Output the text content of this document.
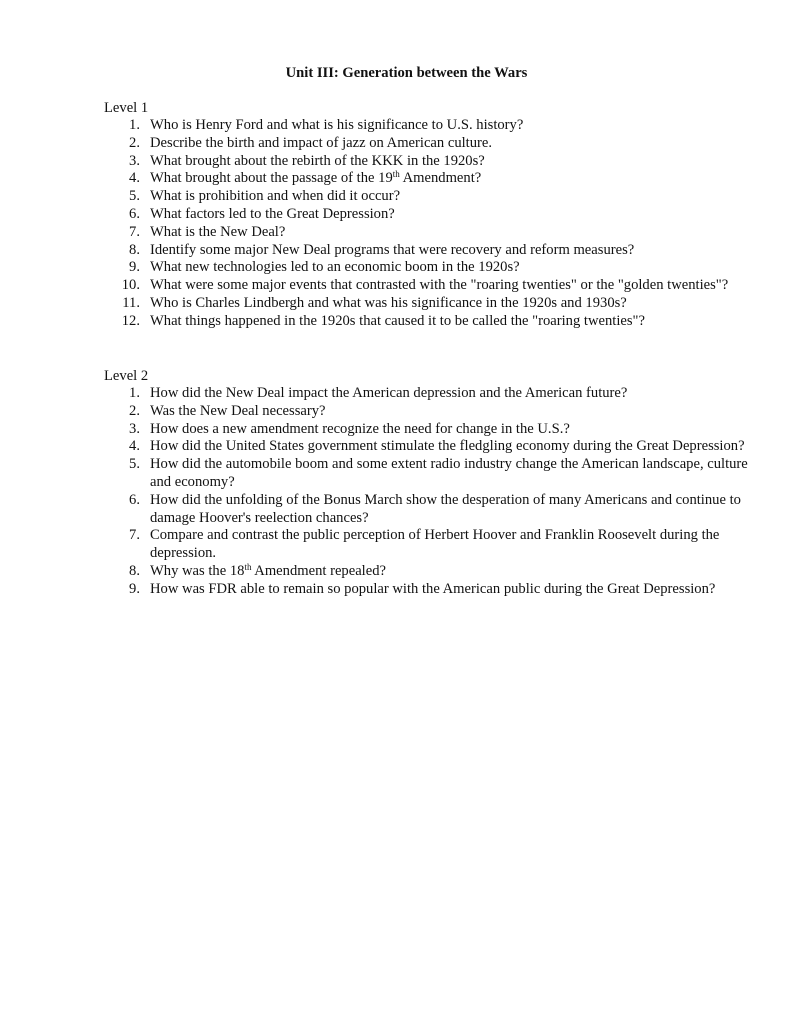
Unit III: Generation between the Wars
Level 1
1 . Who is Henry Ford and what is his significance to U.S. history?
2 . Describe the birth and impact of jazz on American culture.
3 . What brought about the rebirth of the KKK in the 1920s?
4 . What brought about the passage of the 19th Amendment?
5 . What is prohibition and when did it occur?
6 . What factors led to the Great Depression?
7 . What is the New Deal?
8 . Identify some major New Deal programs that were recovery and reform measures?
9 . What new technologies led to an economic boom in the 1920s?
10 . What were some major events that contrasted with the "roaring twenties" or the "golden twenties"?
11 . Who is Charles Lindbergh and what was his significance in the 1920s and 1930s?
12 . What things happened in the 1920s that caused it to be called the "roaring twenties"?
Level 2
1 . How did the New Deal impact the American depression and the American future?
2 . Was the New Deal necessary?
3 . How does a new amendment recognize the need for change in the U.S.?
4 . How did the United States government stimulate the fledgling economy during the Great Depression?
5 . How did the automobile boom and some extent radio industry change the American landscape, culture and economy?
6 . How did the unfolding of the Bonus March show the desperation of many Americans and continue to damage Hoover's reelection chances?
7 . Compare and contrast the public perception of Herbert Hoover and Franklin Roosevelt during the depression.
8 . Why was the 18th Amendment repealed?
9 . How was FDR able to remain so popular with the American public during the Great Depression?
